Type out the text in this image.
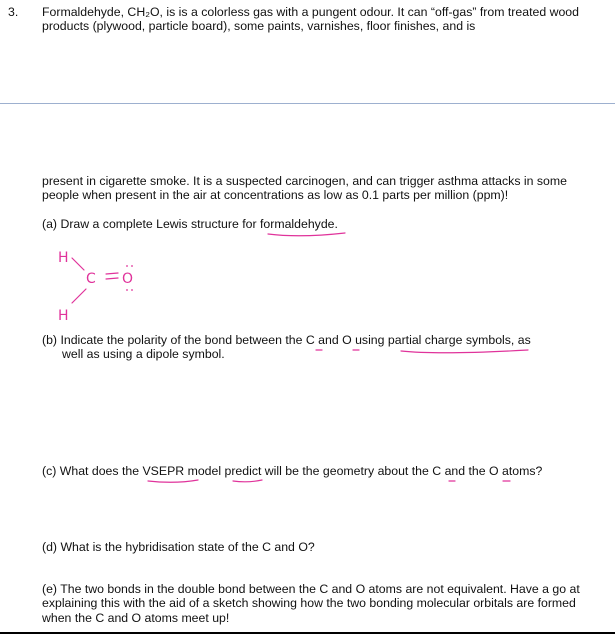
3. Formaldehyde, CH₂O, is is a colorless gas with a pungent odour. It can “off-gas” from treated wood products (plywood, particle board), some paints, varnishes, floor finishes, and is
present in cigarette smoke. It is a suspected carcinogen, and can trigger asthma attacks in some people when present in the air at concentrations as low as 0.1 parts per million (ppm)!
(a) Draw a complete Lewis structure for formaldehyde.
(b) Indicate the polarity of the bond between the C and O using partial charge symbols, as
well as using a dipole symbol.
(c) What does the VSEPR model predict will be the geometry about the C and the O atoms?
(d) What is the hybridisation state of the C and O?
(e) The two bonds in the double bond between the C and O atoms are not equivalent. Have a go at explaining this with the aid of a sketch showing how the two bonding molecular orbitals are formed when the C and O atoms meet up!
H
C O
H
